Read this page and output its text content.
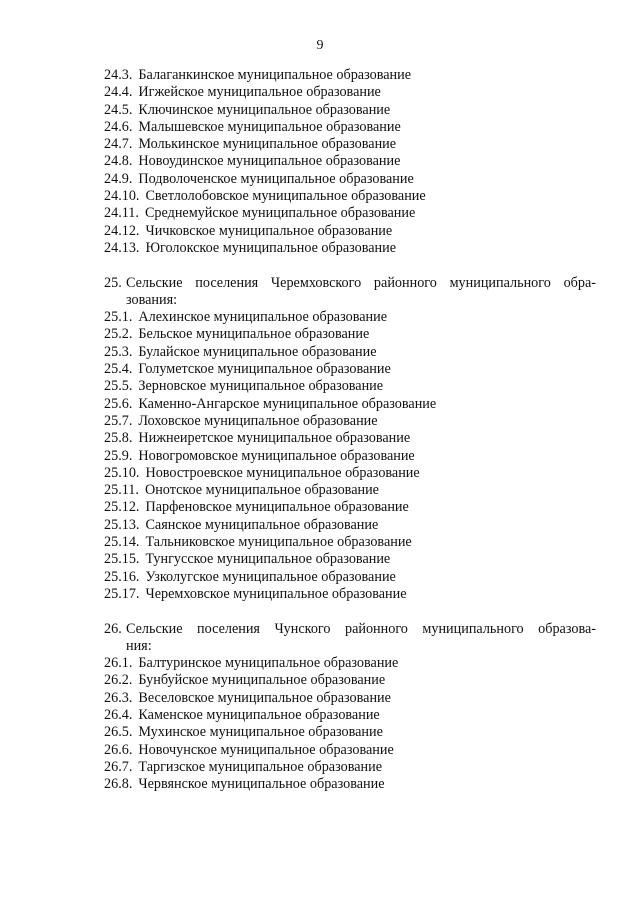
9
24.3. Балаганкинское муниципальное образование
24.4. Игжейское муниципальное образование
24.5. Ключинское муниципальное образование
24.6. Малышевское муниципальное образование
24.7. Молькинское муниципальное образование
24.8. Новоудинское муниципальное образование
24.9. Подволоченское муниципальное образование
24.10. Светлолобовское муниципальное образование
24.11. Среднемуйское муниципальное образование
24.12. Чичковское муниципальное образование
24.13. Юголокское муниципальное образование
25. Сельские поселения Черемховского районного муниципального обра-
зования:
25.1. Алехинское муниципальное образование
25.2. Бельское муниципальное образование
25.3. Булайское муниципальное образование
25.4. Голуметское муниципальное образование
25.5. Зерновское муниципальное образование
25.6. Каменно-Ангарское муниципальное образование
25.7. Лоховское муниципальное образование
25.8. Нижнеиретское муниципальное образование
25.9. Новогромовское муниципальное образование
25.10. Новостроевское муниципальное образование
25.11. Онотское муниципальное образование
25.12. Парфеновское муниципальное образование
25.13. Саянское муниципальное образование
25.14. Тальниковское муниципальное образование
25.15. Тунгусское муниципальное образование
25.16. Узколугское муниципальное образование
25.17. Черемховское муниципальное образование
26. Сельские поселения Чунского районного муниципального образова-
ния:
26.1. Балтуринское муниципальное образование
26.2. Бунбуйское муниципальное образование
26.3. Веселовское муниципальное образование
26.4. Каменское муниципальное образование
26.5. Мухинское муниципальное образование
26.6. Новочунское муниципальное образование
26.7. Таргизское муниципальное образование
26.8. Червянское муниципальное образование
